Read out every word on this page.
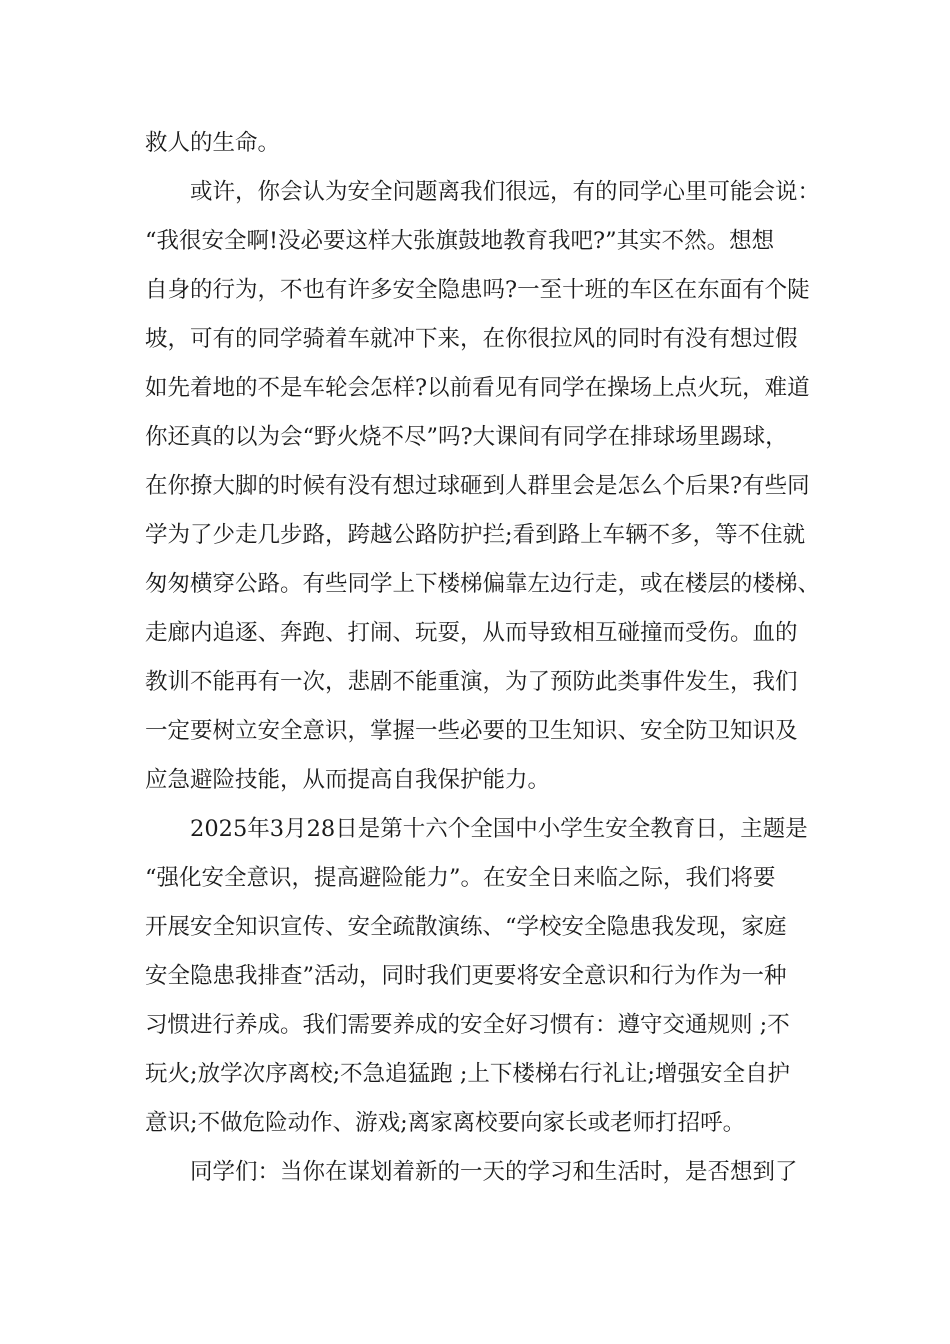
救人的生命。
　　或许，你会认为安全问题离我们很远，有的同学心里可能会说：
“我很安全啊!没必要这样大张旗鼓地教育我吧?”其实不然。想想
自身的行为，不也有许多安全隐患吗?一至十班的车区在东面有个陡
坡，可有的同学骑着车就冲下来，在你很拉风的同时有没有想过假
如先着地的不是车轮会怎样?以前看见有同学在操场上点火玩，难道
你还真的以为会“野火烧不尽”吗?大课间有同学在排球场里踢球，
在你撩大脚的时候有没有想过球砸到人群里会是怎么个后果?有些同
学为了少走几步路，跨越公路防护拦;看到路上车辆不多，等不住就
匆匆横穿公路。有些同学上下楼梯偏靠左边行走，或在楼层的楼梯、
走廊内追逐、奔跑、打闹、玩耍，从而导致相互碰撞而受伤。血的
教训不能再有一次，悲剧不能重演，为了预防此类事件发生，我们
一定要树立安全意识，掌握一些必要的卫生知识、安全防卫知识及
应急避险技能，从而提高自我保护能力。
　　2025年3月28日是第十六个全国中小学生安全教育日，主题是
“强化安全意识，提高避险能力”。在安全日来临之际，我们将要
开展安全知识宣传、安全疏散演练、“学校安全隐患我发现，家庭
安全隐患我排查”活动，同时我们更要将安全意识和行为作为一种
习惯进行养成。我们需要养成的安全好习惯有：遵守交通规则 ;不
玩火;放学次序离校;不急追猛跑 ;上下楼梯右行礼让;增强安全自护
意识;不做危险动作、游戏;离家离校要向家长或老师打招呼。
　　同学们：当你在谋划着新的一天的学习和生活时，是否想到了
